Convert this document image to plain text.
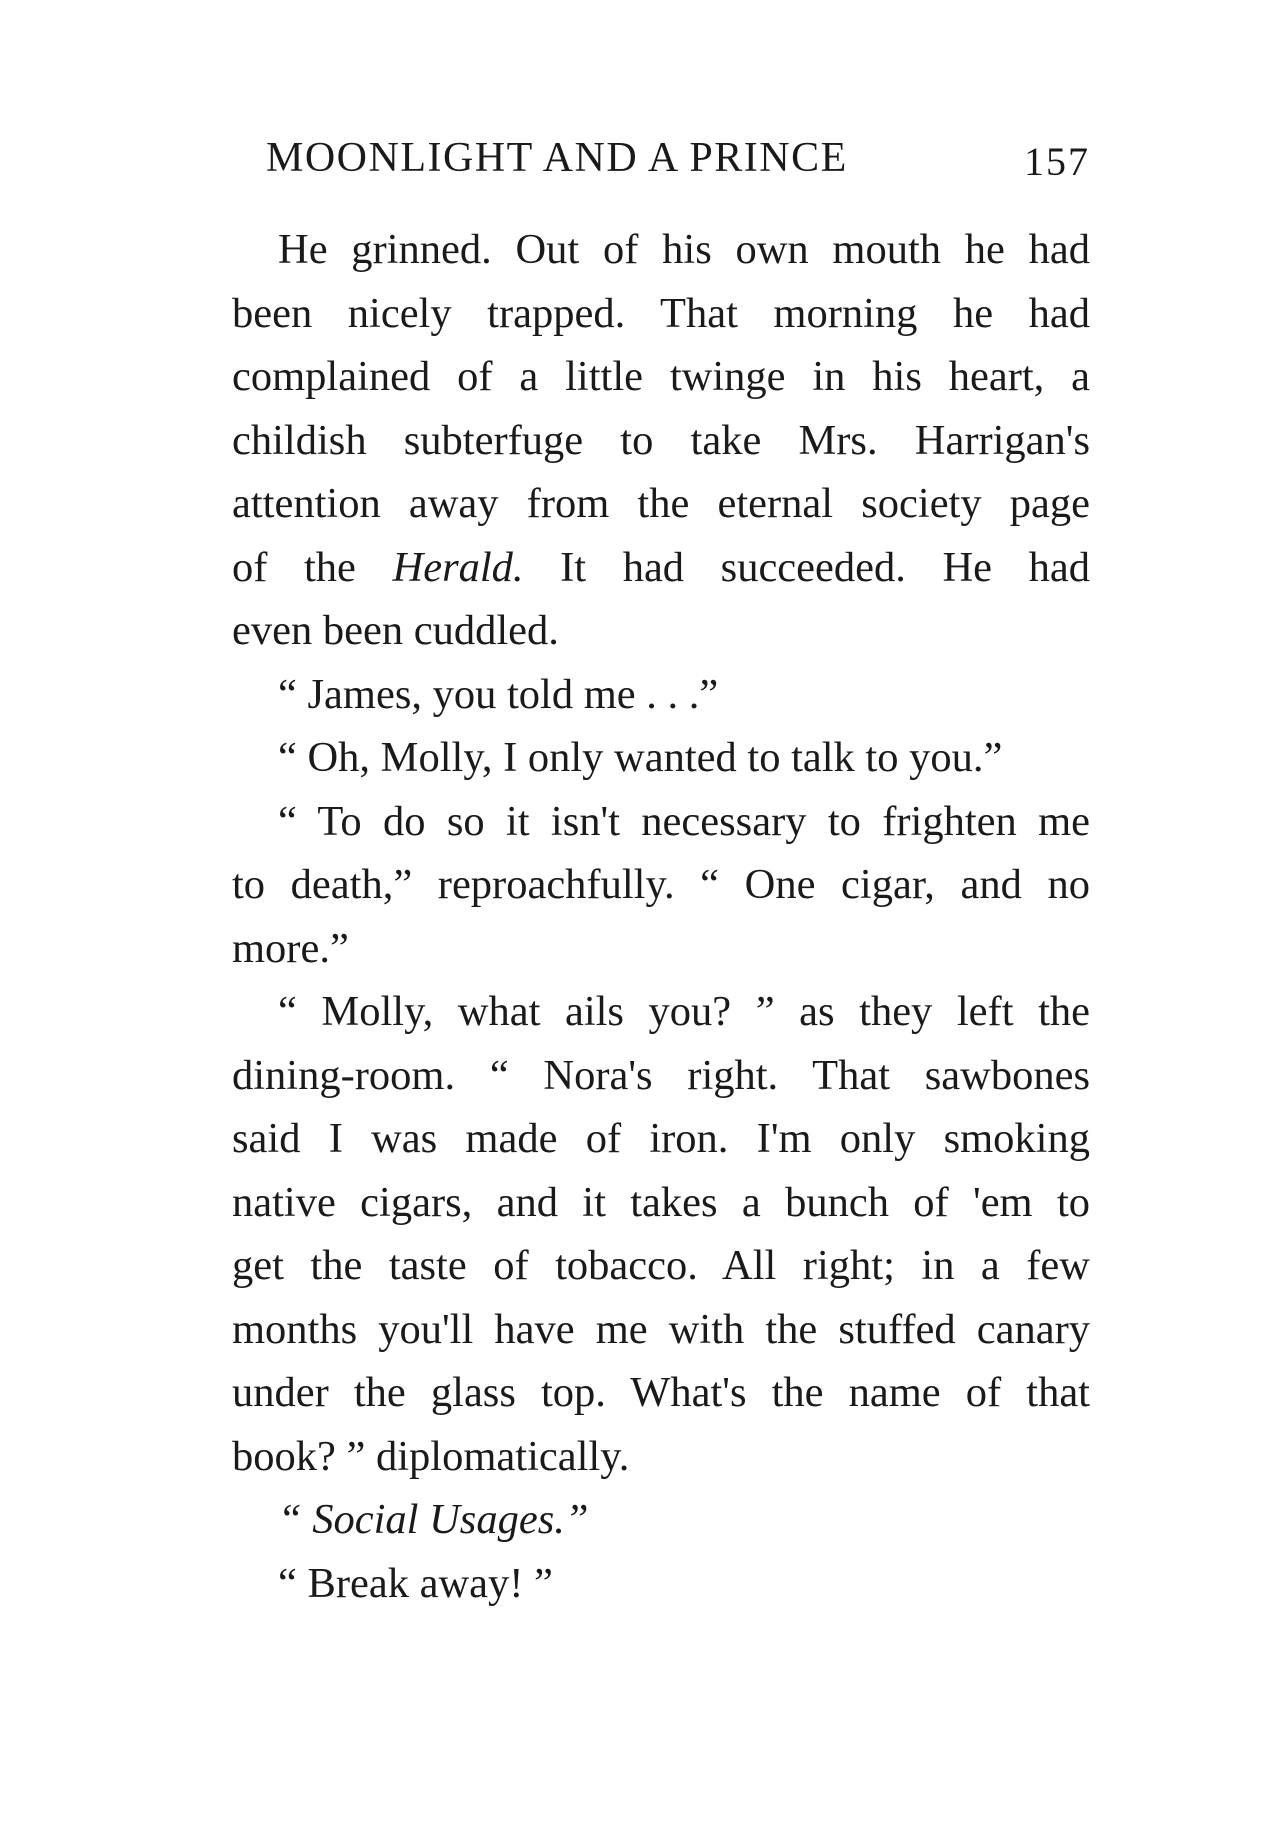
MOONLIGHT AND A PRINCE	157
He grinned. Out of his own mouth he had
been nicely trapped. That morning he had
complained of a little twinge in his heart, a
childish subterfuge to take Mrs. Harrigan's
attention away from the eternal society page
of the Herald. It had succeeded. He had
even been cuddled.
“ James, you told me . . .”
“ Oh, Molly, I only wanted to talk to you.”
“ To do so it isn't necessary to frighten me
to death,” reproachfully. “ One cigar, and no
more.”
“ Molly, what ails you? ” as they left the
dining-room. “ Nora's right. That sawbones
said I was made of iron. I'm only smoking
native cigars, and it takes a bunch of 'em to
get the taste of tobacco. All right; in a few
months you'll have me with the stuffed canary
under the glass top. What's the name of that
book? ” diplomatically.
“ Social Usages.”
“ Break away! ”
